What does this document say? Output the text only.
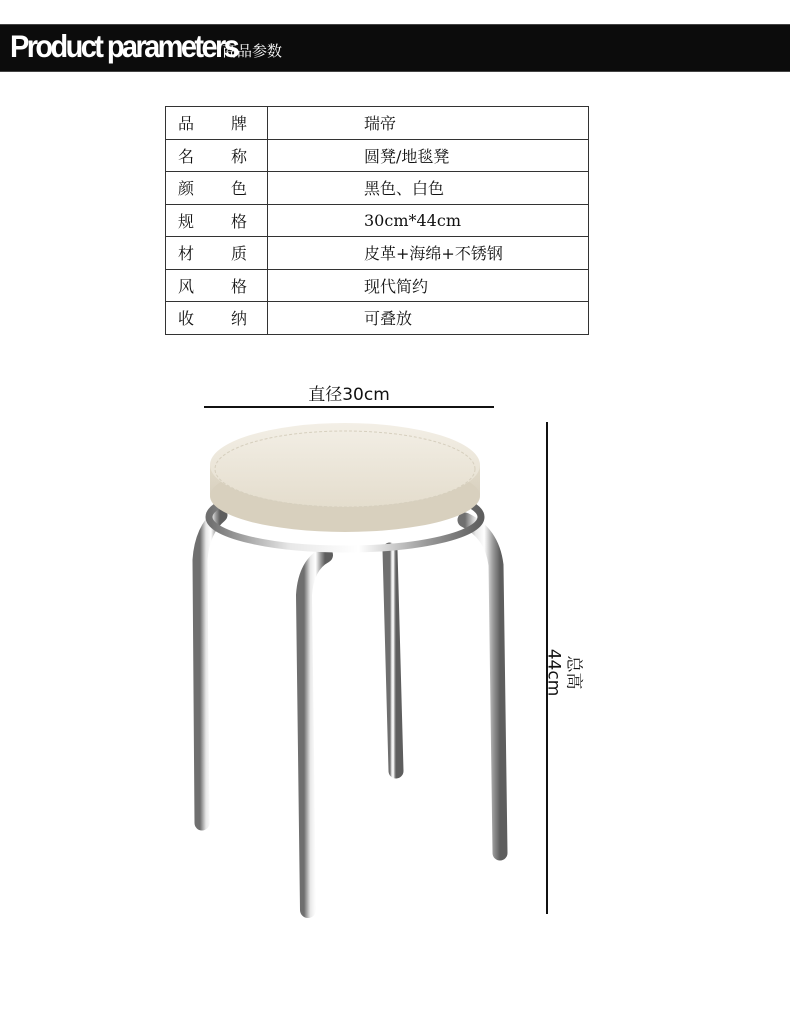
Product parameters
商品参数
品 牌	瑞帝

名 称	圆凳/地毯凳

颜 色	黑色、白色

规 格	30cm*44cm

材 质	皮革+海绵+不锈钢

风 格	现代简约

收 纳	可叠放
直径30cm
总高44cm
